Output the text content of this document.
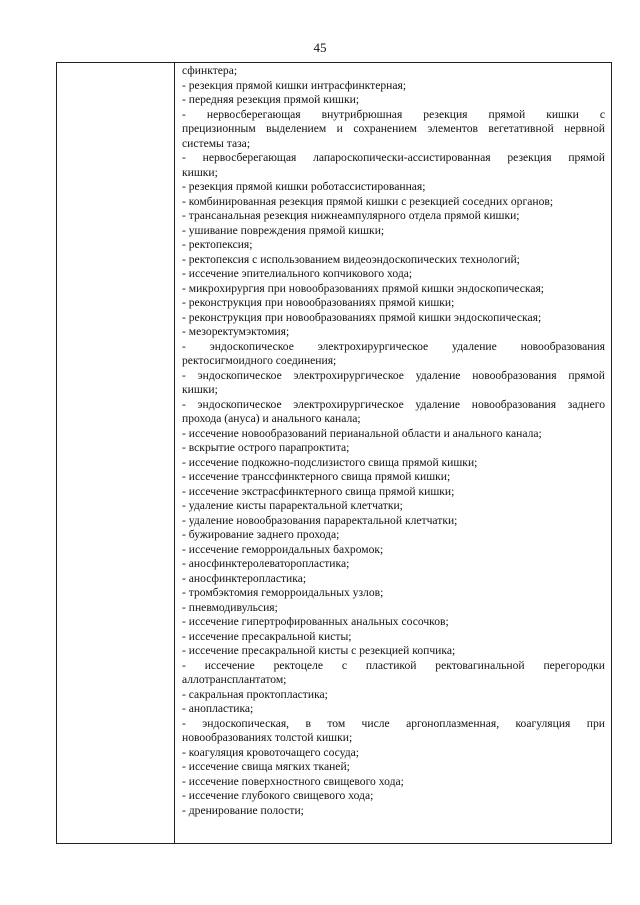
45
сфинктера;
- резекция прямой кишки интрасфинктерная;
- передняя резекция прямой кишки;
- нервосберегающая внутрибрюшная резекция прямой кишки с
прецизионным выделением и сохранением элементов вегетативной нервной
системы таза;
- нервосберегающая лапароскопически-ассистированная резекция прямой
кишки;
- резекция прямой кишки роботассистированная;
- комбинированная резекция прямой кишки с резекцией соседних органов;
- трансанальная резекция нижнеампулярного отдела прямой кишки;
- ушивание повреждения прямой кишки;
- ректопексия;
- ректопексия с использованием видеоэндоскопических технологий;
- иссечение эпителиального копчикового хода;
- микрохирургия при новообразованиях прямой кишки эндоскопическая;
- реконструкция при новообразованиях прямой кишки;
- реконструкция при новообразованиях прямой кишки эндоскопическая;
- мезоректумэктомия;
- эндоскопическое электрохирургическое удаление новообразования
ректосигмоидного соединения;
- эндоскопическое электрохирургическое удаление новообразования прямой
кишки;
- эндоскопическое электрохирургическое удаление новообразования заднего
прохода (ануса) и анального канала;
- иссечение новообразований перианальной области и анального канала;
- вскрытие острого парапроктита;
- иссечение подкожно-подслизистого свища прямой кишки;
- иссечение транссфинктерного свища прямой кишки;
- иссечение экстрасфинктерного свища прямой кишки;
- удаление кисты параректальной клетчатки;
- удаление новообразования параректальной клетчатки;
- бужирование заднего прохода;
- иссечение геморроидальных бахромок;
- аносфинктеролеваторопластика;
- аносфинктеропластика;
- тромбэктомия геморроидальных узлов;
- пневмодивульсия;
- иссечение гипертрофированных анальных сосочков;
- иссечение пресакральной кисты;
- иссечение пресакральной кисты с резекцией копчика;
- иссечение ректоцеле с пластикой ректовагинальной перегородки
аллотрансплантатом;
- сакральная проктопластика;
- анопластика;
- эндоскопическая, в том числе аргоноплазменная, коагуляция при
новообразованиях толстой кишки;
- коагуляция кровоточащего сосуда;
- иссечение свища мягких тканей;
- иссечение поверхностного свищевого хода;
- иссечение глубокого свищевого хода;
- дренирование полости;
